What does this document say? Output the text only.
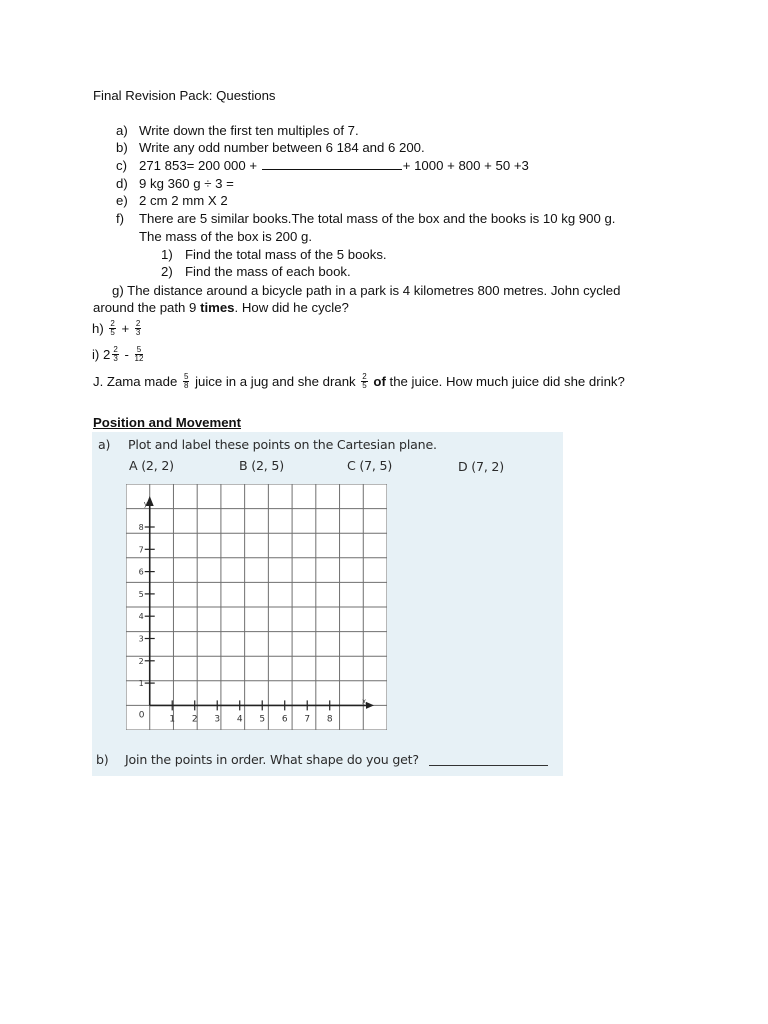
Final Revision Pack: Questions
a) Write down the first ten multiples of 7.
b) Write any odd number between 6 184 and 6 200.
c) 271 853= 200 000 +	+ 1000 + 800 + 50 +3
d) 9 kg 360 g ÷ 3 =
e) 2 cm 2 mm X 2
f)	There are 5 similar books.The total mass of the box and the books is 10 kg 900 g.
The mass of the box is 200 g.
1) Find the total mass of the 5 books.
2) Find the mass of each book.
g) The distance around a bicycle path in a park is 4 kilometres 800 metres. John cycled
around the path 9 times. How did he cycle?
$h) \frac{2}{5} + \frac{2}{3}$
i) $2 \frac{2}{3} - \frac{5}{12}$
J. Zama made $\frac{5}{8}$ juice in a jug and she drank $\frac{2}{5}$ of the juice. How much juice did she drink?
Position and Movement
a) Plot and label these points on the Cartesian plane.
A (2, 2)	B (2, 5)	C (7, 5)	D (7, 2)
1 2 3 4 5 6 7 8
1
2
3
4
5
6
7
8
0
x
y
b) Join the points in order. What shape do you get?
